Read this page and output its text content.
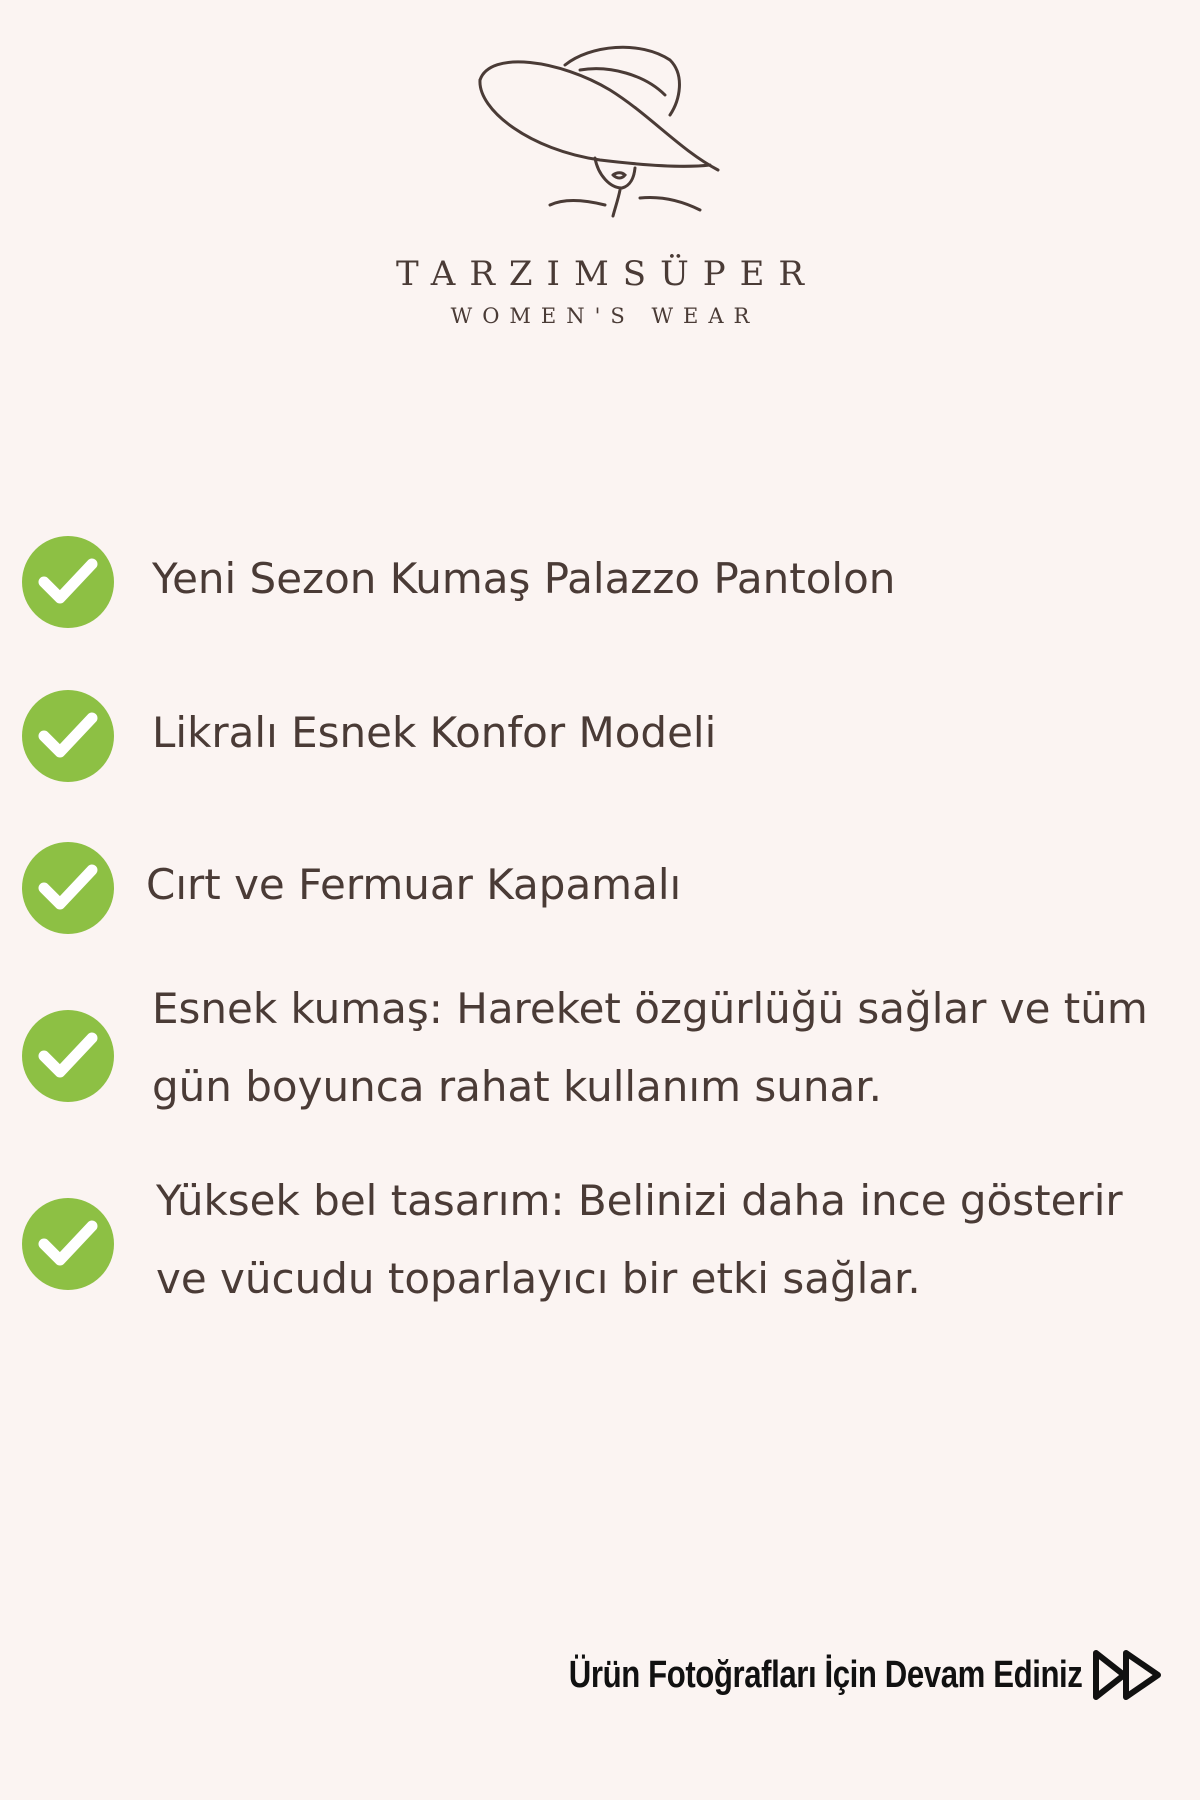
TARZIMSÜPER
WOMEN'S WEAR
Yeni Sezon Kumaş Palazzo Pantolon
Likralı Esnek Konfor Modeli
Cırt ve Fermuar Kapamalı
Esnek kumaş: Hareket özgürlüğü sağlar ve tüm
gün boyunca rahat kullanım sunar.
Yüksek bel tasarım: Belinizi daha ince gösterir
ve vücudu toparlayıcı bir etki sağlar.
Ürün Fotoğrafları İçin Devam Ediniz
